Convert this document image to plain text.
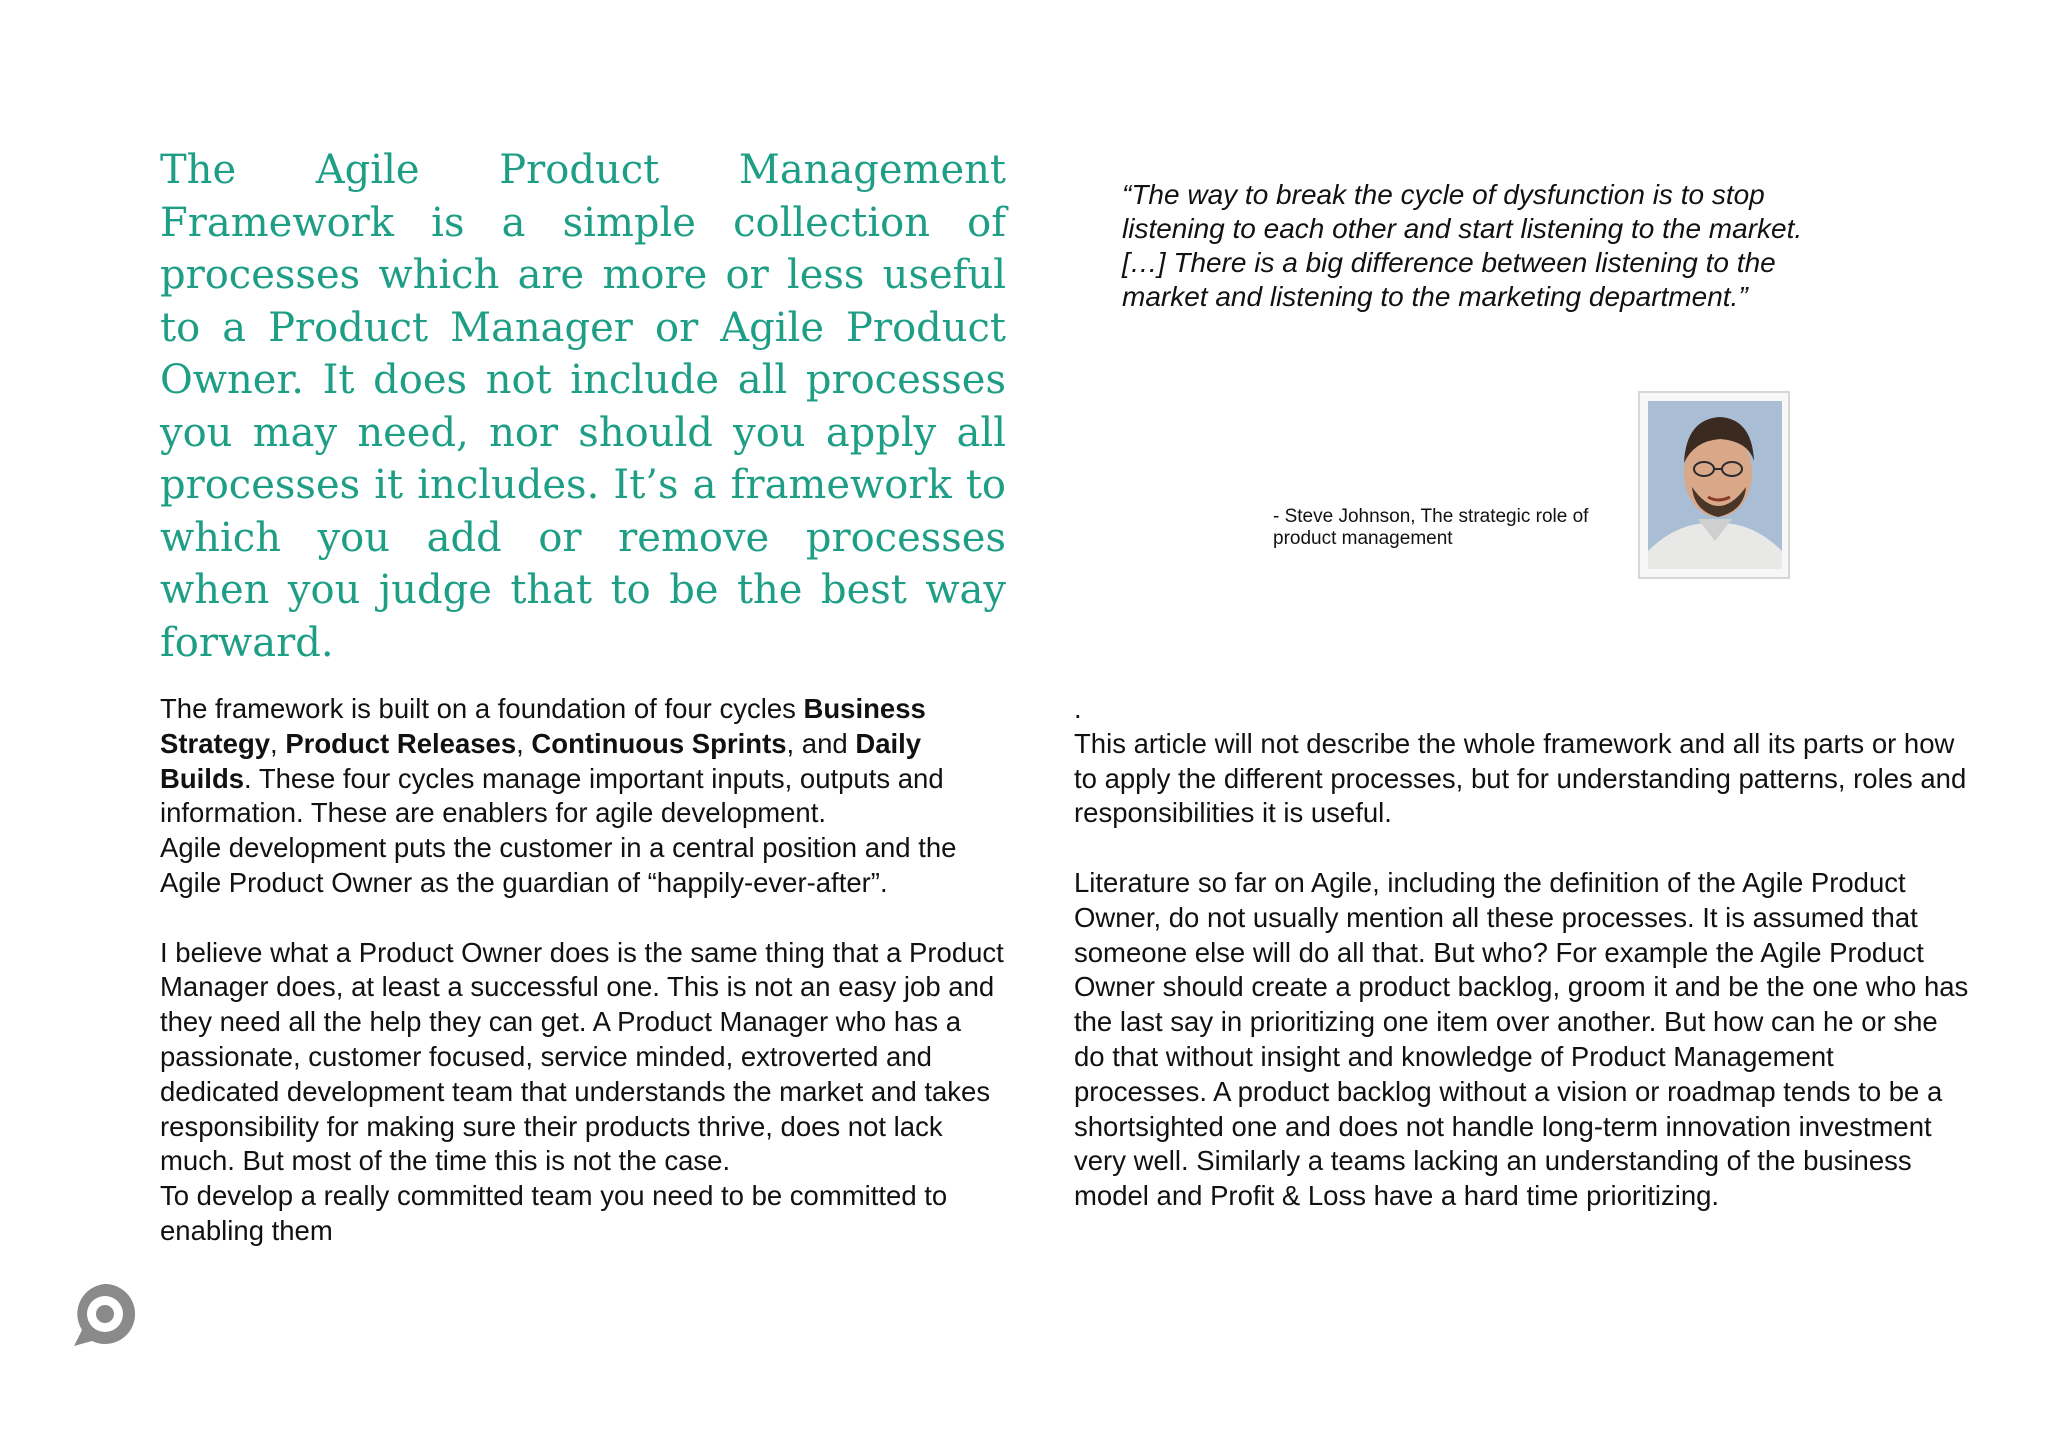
The Agile Product Management Framework is a simple collection of processes which are more or less useful to a Product Manager or Agile Product Owner. It does not include all processes you may need, nor should you apply all processes it includes. It’s a framework to which you add or remove processes when you judge that to be the best way forward.

“The way to break the cycle of dysfunction is to stop listening to each other and start listening to the market.

[…] There is a big difference between listening to the market and listening to the marketing department.”

- Steve Johnson, The strategic role of product management

The framework is built on a foundation of four cycles Business Strategy, Product Releases, Continuous Sprints, and Daily Builds. These four cycles manage important inputs, outputs and information. These are enablers for agile development.

Agile development puts the customer in a central position and the Agile Product Owner as the guardian of “happily-ever-after”.

I believe what a Product Owner does is the same thing that a Product Manager does, at least a successful one. This is not an easy job and they need all the help they can get. A Product Manager who has a passionate, customer focused, service minded, extroverted and dedicated development team that understands the market and takes responsibility for making sure their products thrive, does not lack much. But most of the time this is not the case.

To develop a really committed team you need to be committed to enabling them

.

This article will not describe the whole framework and all its parts or how to apply the different processes, but for understanding patterns, roles and responsibilities it is useful.

Literature so far on Agile, including the definition of the Agile Product Owner, do not usually mention all these processes. It is assumed that someone else will do all that. But who? For example the Agile Product Owner should create a product backlog, groom it and be the one who has the last say in prioritizing one item over another. But how can he or she do that without insight and knowledge of Product Management processes. A product backlog without a vision or roadmap tends to be a shortsighted one and does not handle long-term innovation investment very well. Similarly a teams lacking an understanding of the business model and Profit & Loss have a hard time prioritizing.
